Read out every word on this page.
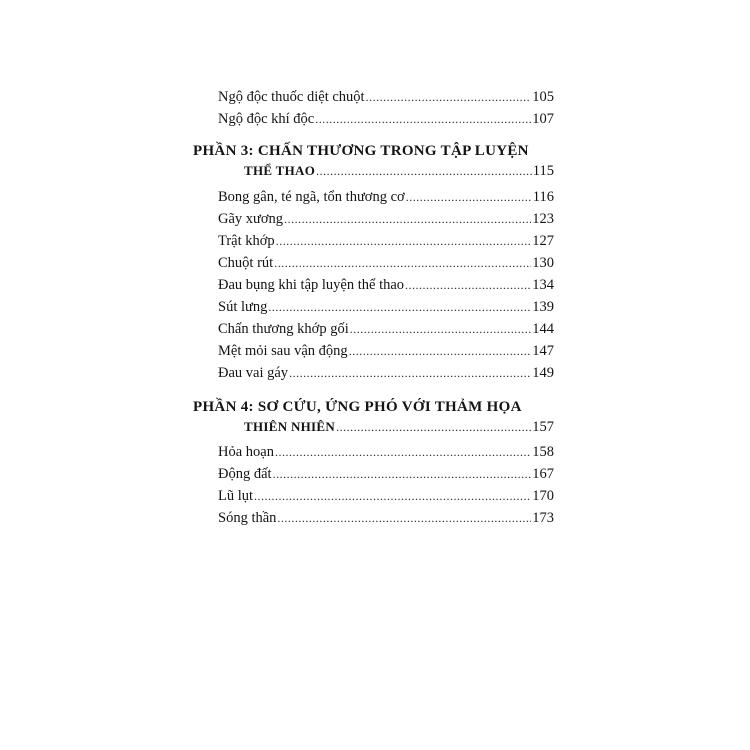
Ngộ độc thuốc diệt chuột .....	105
Ngộ độc khí độc .....	107
PHẦN 3: CHẤN THƯƠNG TRONG TẬP LUYỆN
THỂ THAO .....	115
Bong gân, té ngã, tổn thương cơ .....	116
Gãy xương .....	123
Trật khớp .....	127
Chuột rút .....	130
Đau bụng khi tập luyện thể thao .....	134
Sút lưng .....	139
Chấn thương khớp gối .....	144
Mệt mỏi sau vận động .....	147
Đau vai gáy .....	149
PHẦN 4: SƠ CỨU, ỨNG PHÓ VỚI THẢM HỌA
THIÊN NHIÊN .....	157
Hỏa hoạn .....	158
Động đất .....	167
Lũ lụt .....	170
Sóng thần .....	173
